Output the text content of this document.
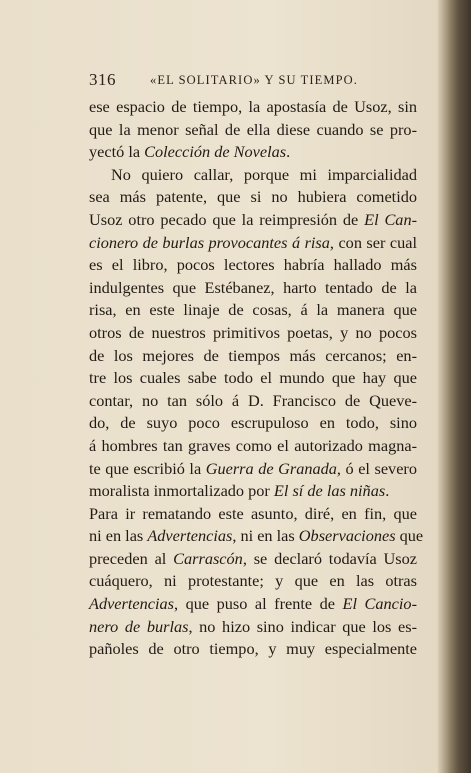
316	«EL SOLITARIO» Y SU TIEMPO.
ese espacio de tiempo, la apostasía de Usoz, sin
que la menor señal de ella diese cuando se pro-
yectó la Colección de Novelas.
No quiero callar, porque mi imparcialidad
sea más patente, que si no hubiera cometido
Usoz otro pecado que la reimpresión de El Can-
cionero de burlas provocantes á risa, con ser cual
es el libro, pocos lectores habría hallado más
indulgentes que Estébanez, harto tentado de la
risa, en este linaje de cosas, á la manera que
otros de nuestros primitivos poetas, y no pocos
de los mejores de tiempos más cercanos; en-
tre los cuales sabe todo el mundo que hay que
contar, no tan sólo á D. Francisco de Queve-
do, de suyo poco escrupuloso en todo, sino
á hombres tan graves como el autorizado magna-
te que escribió la Guerra de Granada, ó el severo
moralista inmortalizado por El sí de las niñas.
Para ir rematando este asunto, diré, en fin, que
ni en las Advertencias, ni en las Observaciones que
preceden al Carrascón, se declaró todavía Usoz
cuáquero, ni protestante; y que en las otras
Advertencias, que puso al frente de El Cancio-
nero de burlas, no hizo sino indicar que los es-
pañoles de otro tiempo, y muy especialmente
